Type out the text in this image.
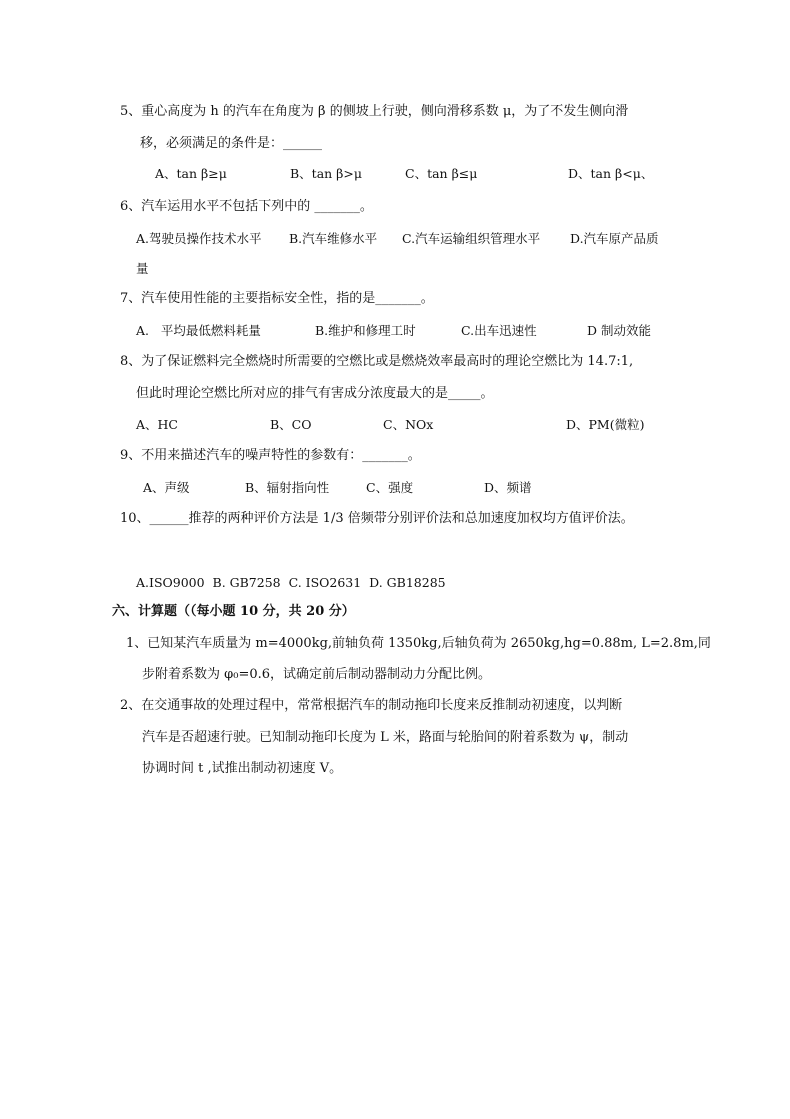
5、重心高度为 h 的汽车在角度为 β 的侧坡上行驶，侧向滑移系数 μ，为了不发生侧向滑
移，必须满足的条件是：______
A、tan β≥μ	B、tan β>μ	C、tan β≤μ	D、tan β<μ、
6、汽车运用水平不包括下列中的 _______。
A.驾驶员操作技术水平 B.汽车维修水平 C.汽车运输组织管理水平 D.汽车原产品质
量
7、汽车使用性能的主要指标安全性，指的是_______。
A.   平均最低燃料耗量	B.维护和修理工时	C.出车迅速性	D 制动效能
8、为了保证燃料完全燃烧时所需要的空燃比或是燃烧效率最高时的理论空燃比为 14.7:1,
但此时理论空燃比所对应的排气有害成分浓度最大的是_____。
A、HC	B、CO	C、NOx	D、PM(微粒)
9、不用来描述汽车的噪声特性的参数有：_______。
A、声级	B、辐射指向性	C、强度	D、频谱
10、______推荐的两种评价方法是 1/3 倍频带分别评价法和总加速度加权均方值评价法。
A.ISO9000  B. GB7258  C. ISO2631  D. GB18285
六、计算题（（每小题 10 分，共 20 分）
1、已知某汽车质量为 m=4000kg,前轴负荷 1350kg,后轴负荷为 2650kg,hg=0.88m, L=2.8m,同
步附着系数为 φ₀=0.6，试确定前后制动器制动力分配比例。
2、在交通事故的处理过程中，常常根据汽车的制动拖印长度来反推制动初速度，以判断
汽车是否超速行驶。已知制动拖印长度为 L 米，路面与轮胎间的附着系数为 ψ，制动
协调时间 t ,试推出制动初速度 V。
